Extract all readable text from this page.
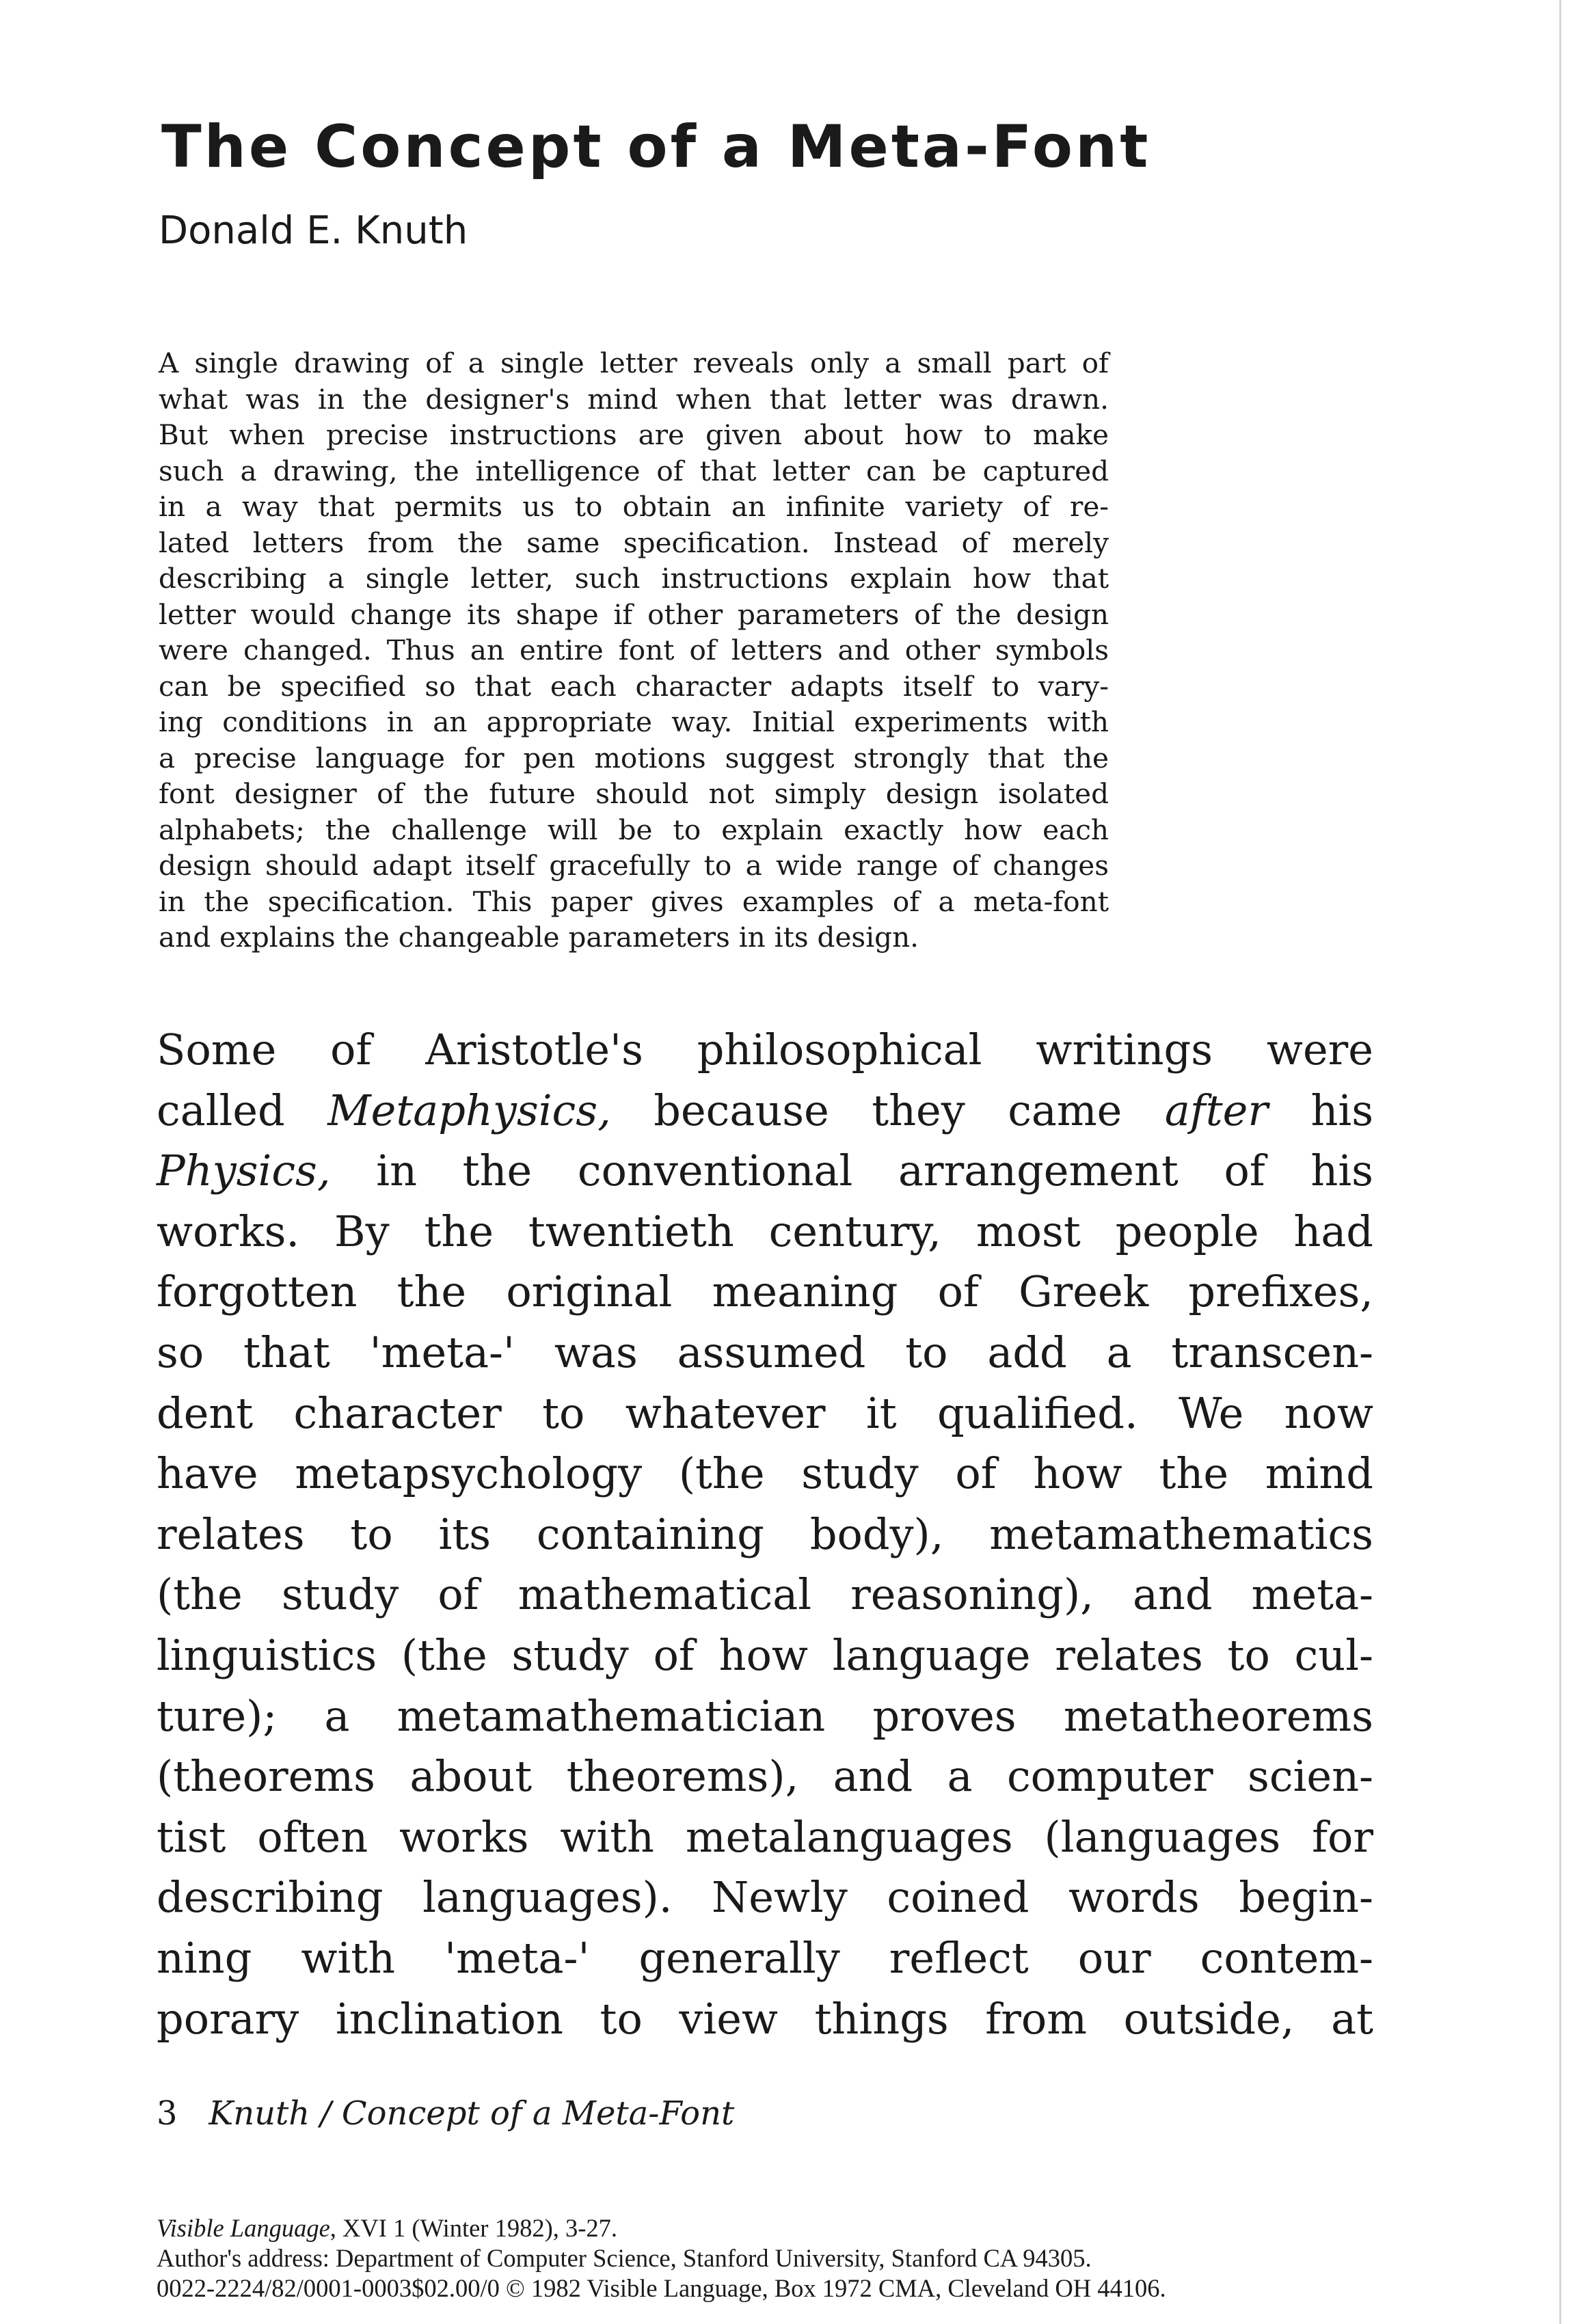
The Concept of a Meta-Font
Donald E. Knuth
A single drawing of a single letter reveals only a small part of
what was in the designer's mind when that letter was drawn.
But when precise instructions are given about how to make
such a drawing, the intelligence of that letter can be captured
in a way that permits us to obtain an infinite variety of re-
lated letters from the same specification. Instead of merely
describing a single letter, such instructions explain how that
letter would change its shape if other parameters of the design
were changed. Thus an entire font of letters and other symbols
can be specified so that each character adapts itself to vary-
ing conditions in an appropriate way. Initial experiments with
a precise language for pen motions suggest strongly that the
font designer of the future should not simply design isolated
alphabets; the challenge will be to explain exactly how each
design should adapt itself gracefully to a wide range of changes
in the specification. This paper gives examples of a meta-font
and explains the changeable parameters in its design.
Some of Aristotle's philosophical writings were
called Metaphysics, because they came after his
Physics, in the conventional arrangement of his
works. By the twentieth century, most people had
forgotten the original meaning of Greek prefixes,
so that 'meta-' was assumed to add a transcen-
dent character to whatever it qualified. We now
have metapsychology (the study of how the mind
relates to its containing body), metamathematics
(the study of mathematical reasoning), and meta-
linguistics (the study of how language relates to cul-
ture); a metamathematician proves metatheorems
(theorems about theorems), and a computer scien-
tist often works with metalanguages (languages for
describing languages). Newly coined words begin-
ning with 'meta-' generally reflect our contem-
porary inclination to view things from outside, at
3 Knuth / Concept of a Meta-Font
Visible Language, XVI 1 (Winter 1982), 3-27.
Author's address: Department of Computer Science, Stanford University, Stanford CA 94305.
0022-2224/82/0001-0003$02.00/0 © 1982 Visible Language, Box 1972 CMA, Cleveland OH 44106.
